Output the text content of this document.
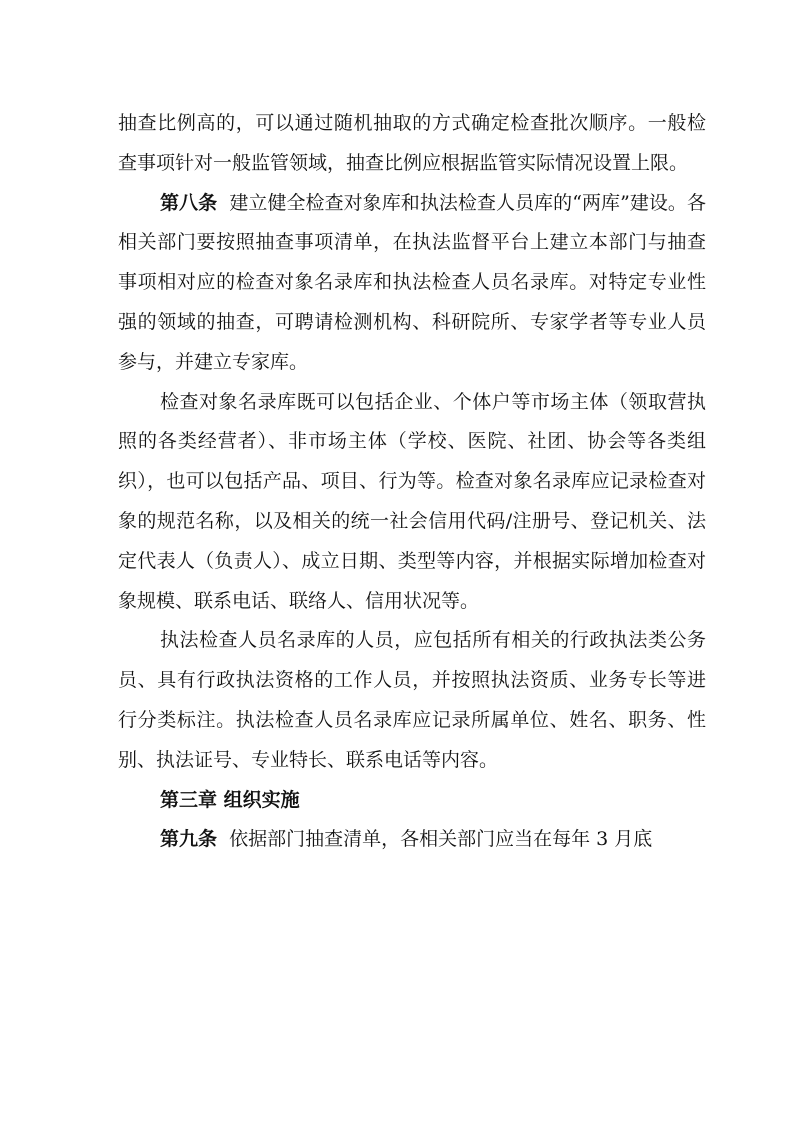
抽查比例高的，可以通过随机抽取的方式确定检查批次顺序。一般检查事项针对一般监管领域，抽查比例应根据监管实际情况设置上限。

第八条 建立健全检查对象库和执法检查人员库的“两库”建设。各相关部门要按照抽查事项清单，在执法监督平台上建立本部门与抽查事项相对应的检查对象名录库和执法检查人员名录库。对特定专业性强的领域的抽查，可聘请检测机构、科研院所、专家学者等专业人员参与，并建立专家库。

检查对象名录库既可以包括企业、个体户等市场主体（领取营执照的各类经营者）、非市场主体（学校、医院、社团、协会等各类组织），也可以包括产品、项目、行为等。检查对象名录库应记录检查对象的规范名称，以及相关的统一社会信用代码/注册号、登记机关、法定代表人（负责人）、成立日期、类型等内容，并根据实际增加检查对象规模、联系电话、联络人、信用状况等。

执法检查人员名录库的人员，应包括所有相关的行政执法类公务员、具有行政执法资格的工作人员，并按照执法资质、业务专长等进行分类标注。执法检查人员名录库应记录所属单位、姓名、职务、性别、执法证号、专业特长、联系电话等内容。

第三章 组织实施

第九条 依据部门抽查清单，各相关部门应当在每年 3 月底
